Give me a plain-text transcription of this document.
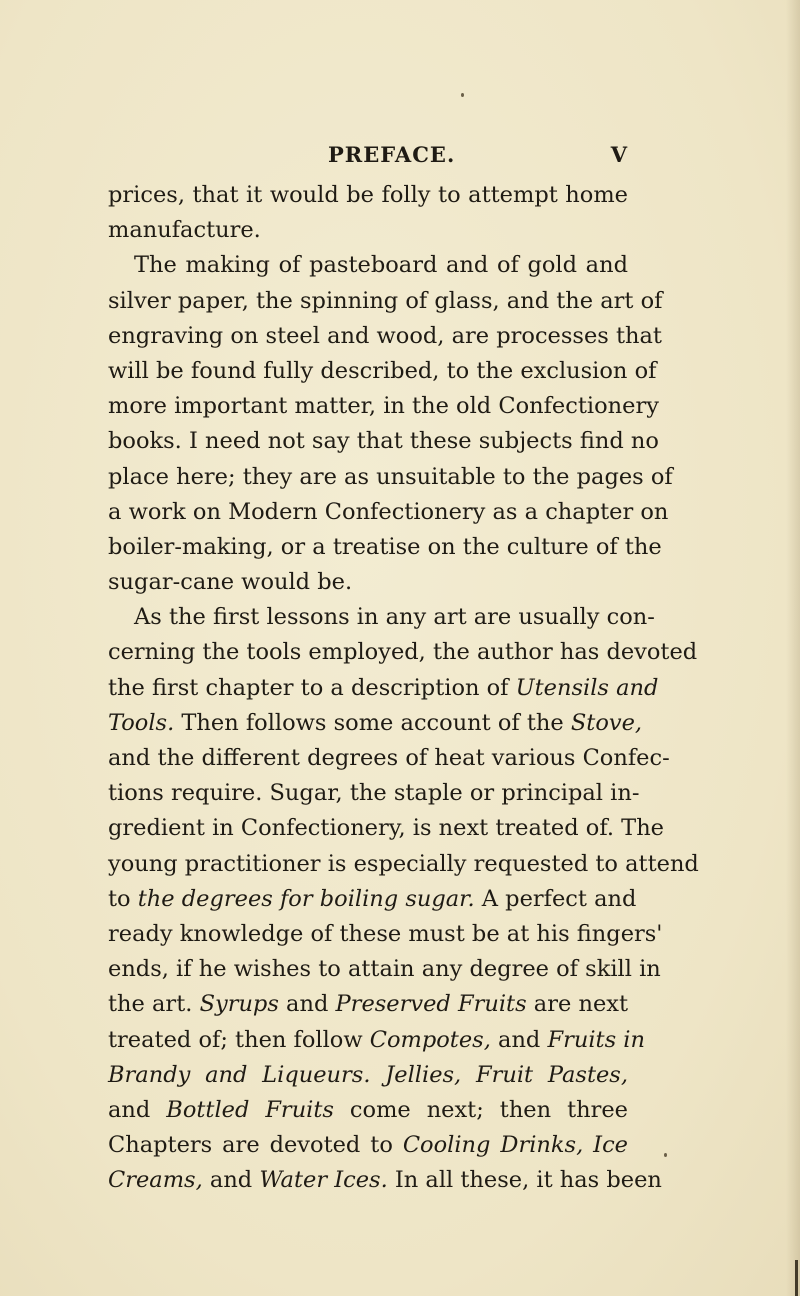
PREFACE.	V
prices, that it would be folly to attempt home
manufacture.
The making of pasteboard and of gold and
silver paper, the spinning of glass, and the art of
engraving on steel and wood, are processes that
will be found fully described, to the exclusion of
more important matter, in the old Confectionery
books. I need not say that these subjects find no
place here; they are as unsuitable to the pages of
a work on Modern Confectionery as a chapter on
boiler-making, or a treatise on the culture of the
sugar-cane would be.
As the first lessons in any art are usually con-
cerning the tools employed, the author has devoted
the first chapter to a description of Utensils and
Tools. Then follows some account of the Stove,
and the different degrees of heat various Confec-
tions require. Sugar, the staple or principal in-
gredient in Confectionery, is next treated of. The
young practitioner is especially requested to attend
to the degrees for boiling sugar. A perfect and
ready knowledge of these must be at his fingers'
ends, if he wishes to attain any degree of skill in
the art. Syrups and Preserved Fruits are next
treated of; then follow Compotes, and Fruits in
Brandy and Liqueurs. Jellies, Fruit Pastes,
and Bottled Fruits come next; then three
Chapters are devoted to Cooling Drinks, Ice
Creams, and Water Ices. In all these, it has been
